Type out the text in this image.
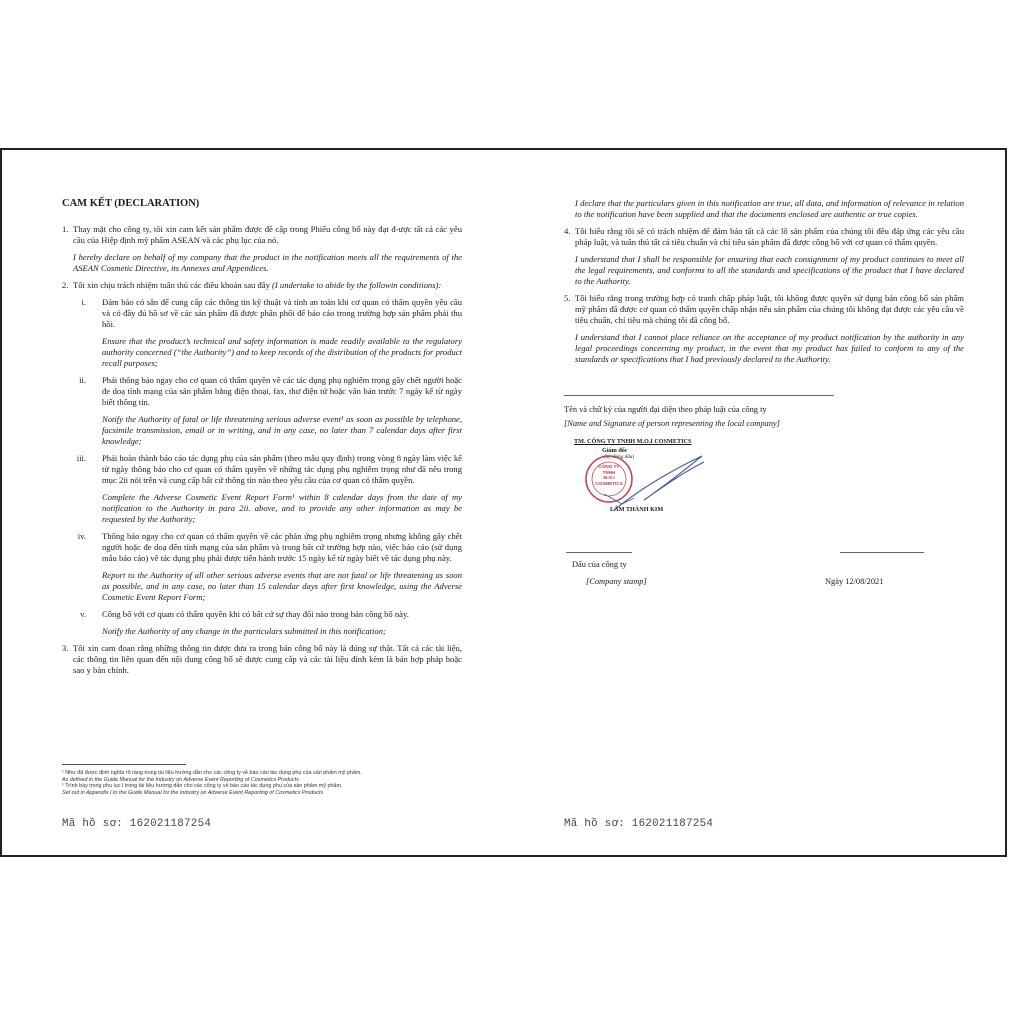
CAM KẾT (DECLARATION)
1. Thay mặt cho công ty, tôi xin cam kết sản phẩm được đề cập trong Phiếu công bố này đạt đ-ược tất cả các yêu cầu của Hiệp định mỹ phẩm ASEAN và các phụ lục của nó.
I hereby declare on behalf of my company that the product in the notification meets all the requirements of the ASEAN Cosmetic Directive, its Annexes and Appendices.
2. Tôi xin chịu trách nhiệm tuân thủ các điều khoản sau đây (I undertake to abide by the followin conditions):
i. Đảm bảo có sẵn để cung cấp các thông tin kỹ thuật và tính an toàn khi cơ quan có thẩm quyền yêu cầu và có đầy đủ hồ sơ về các sản phẩm đã được phân phối để báo cáo trong trường hợp sản phẩm phải thu hồi.
Ensure that the product’s technical and safety information is made readily available to the regulatory authority concerned (“the Authority”) and to keep records of the distribution of the products for product recall purposes;
ii. Phải thông báo ngay cho cơ quan có thẩm quyền về các tác dụng phụ nghiêm trọng gây chết người hoặc đe doạ tính mạng của sản phẩm bằng điện thoại, fax, thư điện tử hoặc văn bản trước 7 ngày kể từ ngày biết thông tin.
Notify the Authority of fatal or life threatening serious adverse event¹ as soon as possible by telephone, facsimile transmission, email or in writing, and in any case, no later than 7 calendar days after first knowledge;
iii. Phải hoàn thành báo cáo tác dụng phụ của sản phẩm (theo mẫu quy định) trong vòng 8 ngày làm việc kể từ ngày thông báo cho cơ quan có thẩm quyền về những tác dụng phụ nghiêm trọng như đã nêu trong mục 2ii nói trên và cung cấp bất cứ thông tin nào theo yêu cầu của cơ quan có thẩm quyền.
Complete the Adverse Cosmetic Event Report Form¹ within 8 calendar days from the date of my notification to the Authority in para 2ii. above, and to provide any other information as may be requested by the Authority;
iv. Thông báo ngay cho cơ quan có thẩm quyền về các phản ứng phụ nghiêm trọng nhưng không gây chết người hoặc đe doạ đến tính mạng của sản phẩm và trong bất cứ trường hợp nào, việc báo cáo (sử dụng mẫu báo cáo) về tác dụng phụ phải được tiến hành trước 15 ngày kể từ ngày biết về tác dụng phụ này.
Report to the Authority of all other serious adverse events that are not fatal or life threatening as soon as possible, and in any case, no later than 15 calendar days after first knowledge, using the Adverse Cosmetic Event Report Form;
v. Công bố với cơ quan có thẩm quyền khi có bất cứ sự thay đổi nào trong bản công bố này.
Notify the Authority of any change in the particulars submitted in this notification;
3. Tôi xin cam đoan rằng những thông tin được đưa ra trong bản công bố này là đúng sự thật. Tất cả các tài liệu, các thông tin liên quan đến nội dung công bố sẽ được cung cấp và các tài liệu đính kèm là bản hợp pháp hoặc sao y bản chính.
¹ Như đã được định nghĩa rõ ràng trong tài liệu hướng dẫn cho các công ty về báo cáo tác dụng phụ của sản phẩm mỹ phẩm.
As defined in the Guide Manual for the Industry on Adverse Event Reporting of Cosmetics Products
¹ Trình bày trong phụ lục I trong tài liệu hướng dẫn cho các công ty về báo cáo tác dụng phụ của sản phẩm mỹ phẩm.
Set out in Appendix I to the Guide Manual for the Industry on Adverse Event Reporting of Cosmetics Products
Mã hồ sơ: 162021187254
I declare that the particulars given in this notification are true, all data, and information of relevance in relation to the notification have been supplied and that the documents enclosed are authentic or true copies.
4. Tôi hiểu rằng tôi sẽ có trách nhiệm để đảm bảo tất cả các lô sản phẩm của chúng tôi đều đáp ứng các yêu cầu pháp luật, và tuân thủ tất cả tiêu chuẩn và chỉ tiêu sản phẩm đã được công bố với cơ quan có thẩm quyền.
I understand that I shall be responsible for ensuring that each consignment of my product continues to meet all the legal requirements, and conforms to all the standards and specifications of the product that I have declared to the Authority.
5. Tôi hiểu rằng trong trường hợp có tranh chấp pháp luật, tôi không được quyền sử dụng bản công bố sản phẩm mỹ phẩm đã được cơ quan có thẩm quyền chấp nhận nếu sản phẩm của chúng tôi không đạt được các yêu cầu về tiêu chuẩn, chỉ tiêu mà chúng tôi đã công bố.
I understand that I cannot place reliance on the acceptance of my product notification by the authority in any legal proceedings concerning my product, in the event that my product has failed to conform to any of the standards or specifications that I had previously declared to the Authority.
Tên và chữ ký của người đại diện theo pháp luật của công ty
[Name and Signature of person representing the local company]
TM. CÔNG TY TNHH M.O.I COSMETICS
Giám đốc
(ký, đóng dấu)
CÔNG TY
TNHH
M.O.I
COSMETICS
LÂM THÀNH KIM
Dấu của công ty
[Company stamp]	Ngày 12/08/2021
Mã hồ sơ: 162021187254
